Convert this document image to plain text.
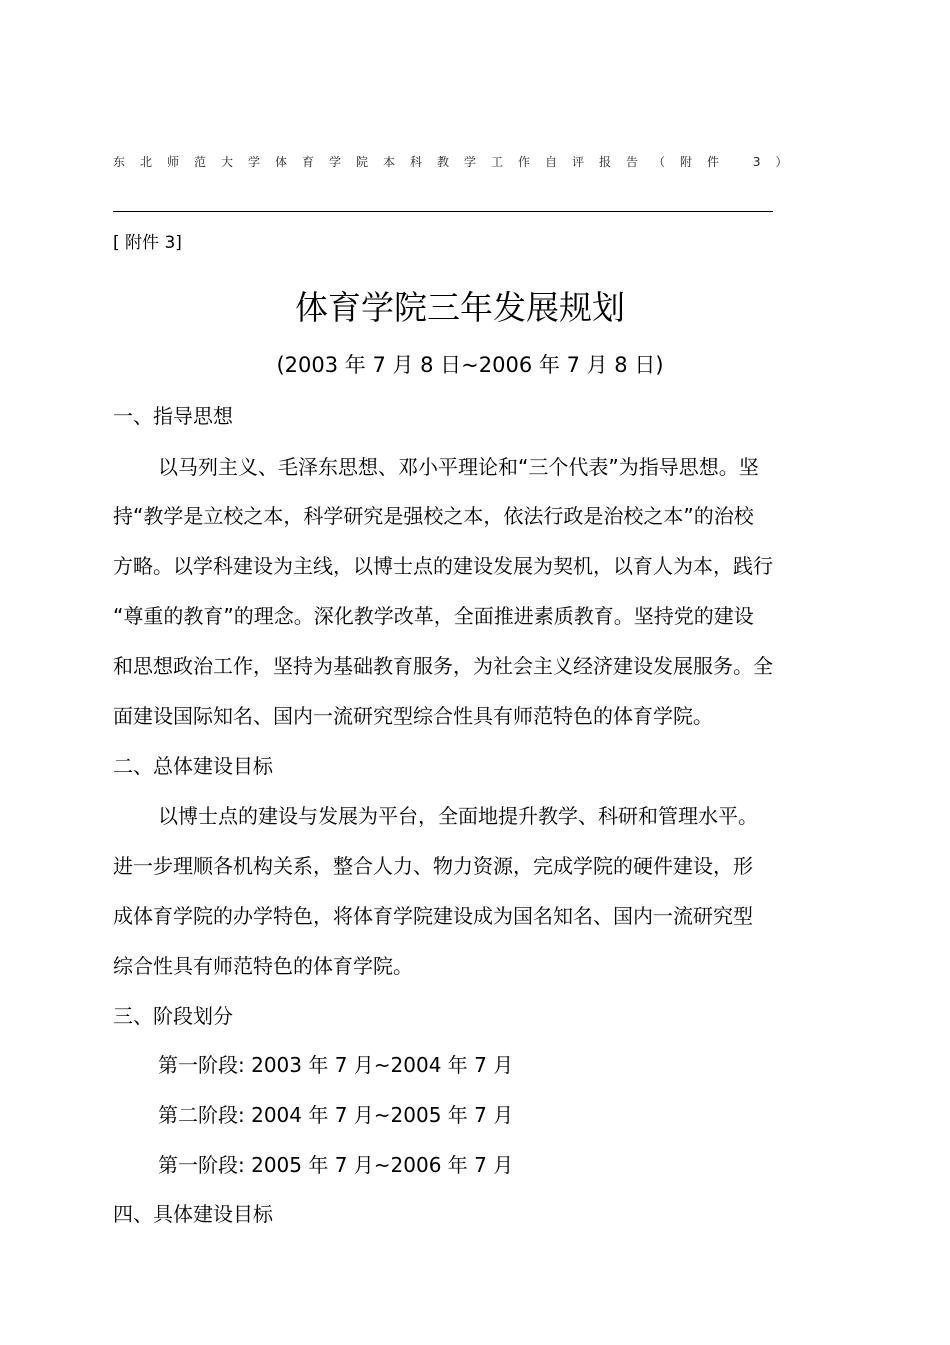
东北师范大学体育学院本科教学工作自评报告（附件 3）
[ 附件 3]
体育学院三年发展规划
(2003 年 7 月 8 日~2006 年 7 月 8 日)
一、指导思想
以马列主义、毛泽东思想、邓小平理论和“三个代表”为指导思想。坚
持“教学是立校之本，科学研究是强校之本，依法行政是治校之本”的治校
方略。以学科建设为主线，以博士点的建设发展为契机，以育人为本，践行
“尊重的教育”的理念。深化教学改革，全面推进素质教育。坚持党的建设
和思想政治工作，坚持为基础教育服务，为社会主义经济建设发展服务。全
面建设国际知名、国内一流研究型综合性具有师范特色的体育学院。
二、总体建设目标
以博士点的建设与发展为平台，全面地提升教学、科研和管理水平。
进一步理顺各机构关系，整合人力、物力资源，完成学院的硬件建设，形
成体育学院的办学特色，将体育学院建设成为国名知名、国内一流研究型
综合性具有师范特色的体育学院。
三、阶段划分
第一阶段: 2003 年 7 月~2004 年 7 月
第二阶段: 2004 年 7 月~2005 年 7 月
第一阶段: 2005 年 7 月~2006 年 7 月
四、具体建设目标
